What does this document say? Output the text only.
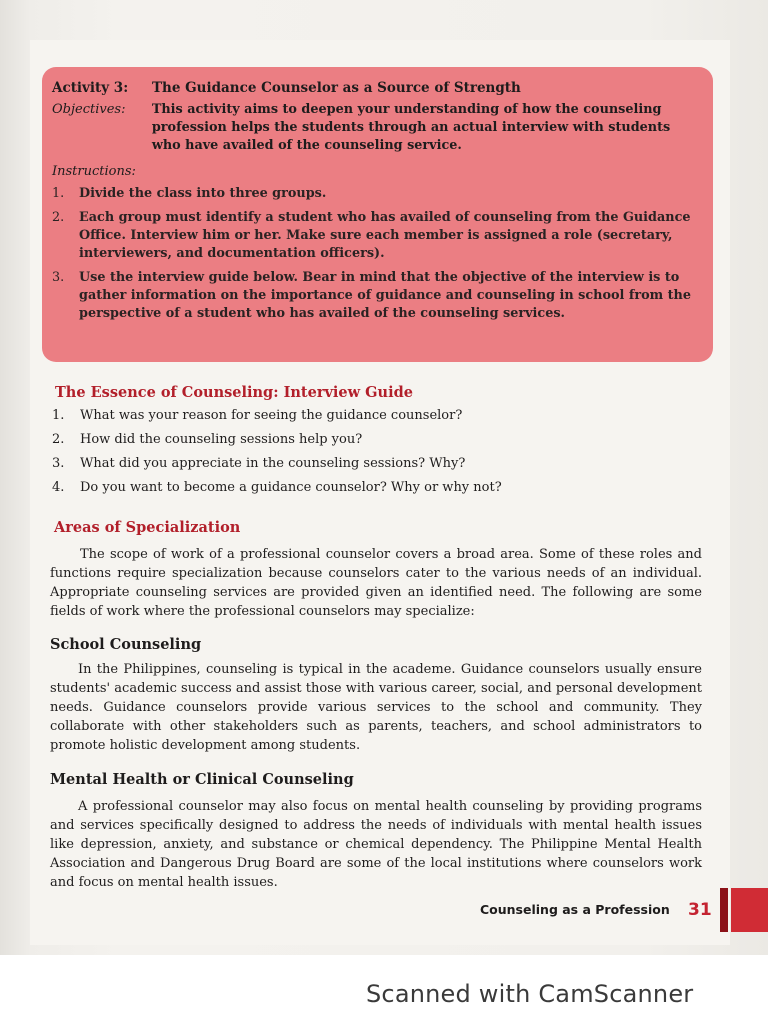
Activity 3:	The Guidance Counselor as a Source of Strength
Objectives:	This activity aims to deepen your understanding of how the counseling profession helps the students through an actual interview with students who have availed of the counseling service.
Instructions:
1.	Divide the class into three groups.
2.	Each group must identify a student who has availed of counseling from the Guidance Office. Interview him or her. Make sure each member is assigned a role (secretary, interviewers, and documentation officers).
3.	Use the interview guide below. Bear in mind that the objective of the interview is to gather information on the importance of guidance and counseling in school from the perspective of a student who has availed of the counseling services.
The Essence of Counseling: Interview Guide
1.	What was your reason for seeing the guidance counselor?
2.	How did the counseling sessions help you?
3.	What did you appreciate in the counseling sessions? Why?
4.	Do you want to become a guidance counselor? Why or why not?
Areas of Specialization

The scope of work of a professional counselor covers a broad area. Some of these roles and functions require specialization because counselors cater to the various needs of an individual. Appropriate counseling services are provided given an identified need. The following are some fields of work where the professional counselors may specialize:

School Counseling

In the Philippines, counseling is typical in the academe. Guidance counselors usually ensure students' academic success and assist those with various career, social, and personal development needs. Guidance counselors provide various services to the school and community. They collaborate with other stakeholders such as parents, teachers, and school administrators to promote holistic development among students.

Mental Health or Clinical Counseling

A professional counselor may also focus on mental health counseling by providing programs and services specifically designed to address the needs of individuals with mental health issues like depression, anxiety, and substance or chemical dependency. The Philippine Mental Health Association and Dangerous Drug Board are some of the local institutions where counselors work and focus on mental health issues.

Counseling as a Profession 31
Scanned with CamScanner
